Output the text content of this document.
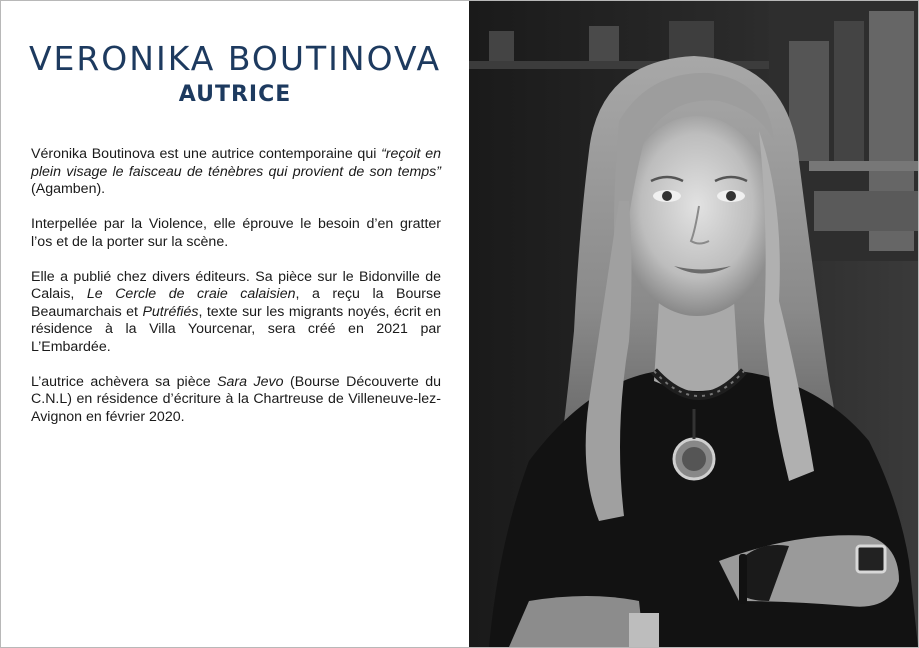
VERONIKA BOUTINOVA
AUTRICE

Véronika Boutinova est une autrice contemporaine qui “reçoit en plein visage le faisceau de ténèbres qui provient de son temps” (Agamben).

Interpellée par la Violence, elle éprouve le besoin d’en gratter l’os et de la porter sur la scène.

Elle a publié chez divers éditeurs. Sa pièce sur le Bidonville de Calais, Le Cercle de craie calaisien, a reçu la Bourse Beaumarchais et Putréfiés, texte sur les migrants noyés, écrit en résidence à la Villa Yourcenar, sera créé en 2021 par L’Embardée.

L’autrice achèvera sa pièce Sara Jevo (Bourse Découverte du C.N.L) en résidence d’écriture à la Chartreuse de Villeneuve-lez-Avignon en février 2020.
